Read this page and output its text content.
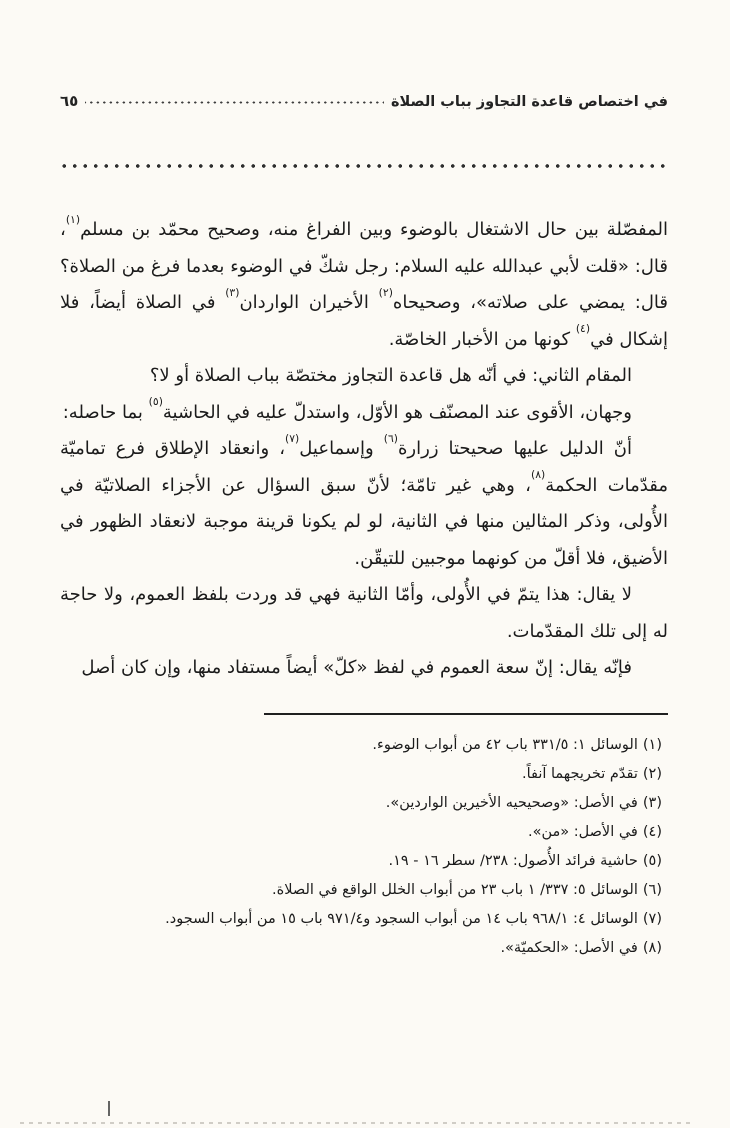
في اختصاص قاعدة التجاوز بباب الصلاة
٦٥

المفصّلة بين حال الاشتغال بالوضوء وبين الفراغ منه، وصحيح محمّد بن مسلم$^{(١)}$، قال: «قلت لأبي عبدالله عليه السلام: رجل شكّ في الوضوء بعدما فرغ من الصلاة؟ قال: يمضي على صلاته»، وصحيحاه$^{(٢)}$ الأخيران الواردان$^{(٣)}$ في الصلاة أيضاً، فلا إشكال في$^{(٤)}$ كونها من الأخبار الخاصّة.

المقام الثاني: في أنّه هل قاعدة التجاوز مختصّة بباب الصلاة أو لا؟

وجهان، الأقوى عند المصنّف هو الأوّل، واستدلّ عليه في الحاشية$^{(٥)}$ بما حاصله:

أنّ الدليل عليها صحيحتا زرارة$^{(٦)}$ وإسماعيل$^{(٧)}$، وانعقاد الإطلاق فرع تماميّة مقدّمات الحكمة$^{(٨)}$، وهي غير تامّة؛ لأنّ سبق السؤال عن الأجزاء الصلاتيّة في الأُولى، وذكر المثالين منها في الثانية، لو لم يكونا قرينة موجبة لانعقاد الظهور في الأضيق، فلا أقلّ من كونهما موجبين للتيقّن.

لا يقال: هذا يتمّ في الأُولى، وأمّا الثانية فهي قد وردت بلفظ العموم، ولا حاجة له إلى تلك المقدّمات.

فإنّه يقال: إنّ سعة العموم في لفظ «كلّ» أيضاً مستفاد منها، وإن كان أصل

(١)الوسائل ١: ٣٣١/٥ باب ٤٢ من أبواب الوضوء.
(٢)تقدّم تخريجهما آنفاً.
(٣)في الأصل: «وصحيحيه الأخيرين الواردين».
(٤)في الأصل: «من».
(٥)حاشية فرائد الأُصول: ٢٣٨/ سطر ١٦ - ١٩.
(٦)الوسائل ٥: ٣٣٧/ ١ باب ٢٣ من أبواب الخلل الواقع في الصلاة.
(٧)الوسائل ٤: ٩٦٨/١ باب ١٤ من أبواب السجود و٩٧١/٤ باب ١٥ من أبواب السجود.
(٨)في الأصل: «الحكميّة».
